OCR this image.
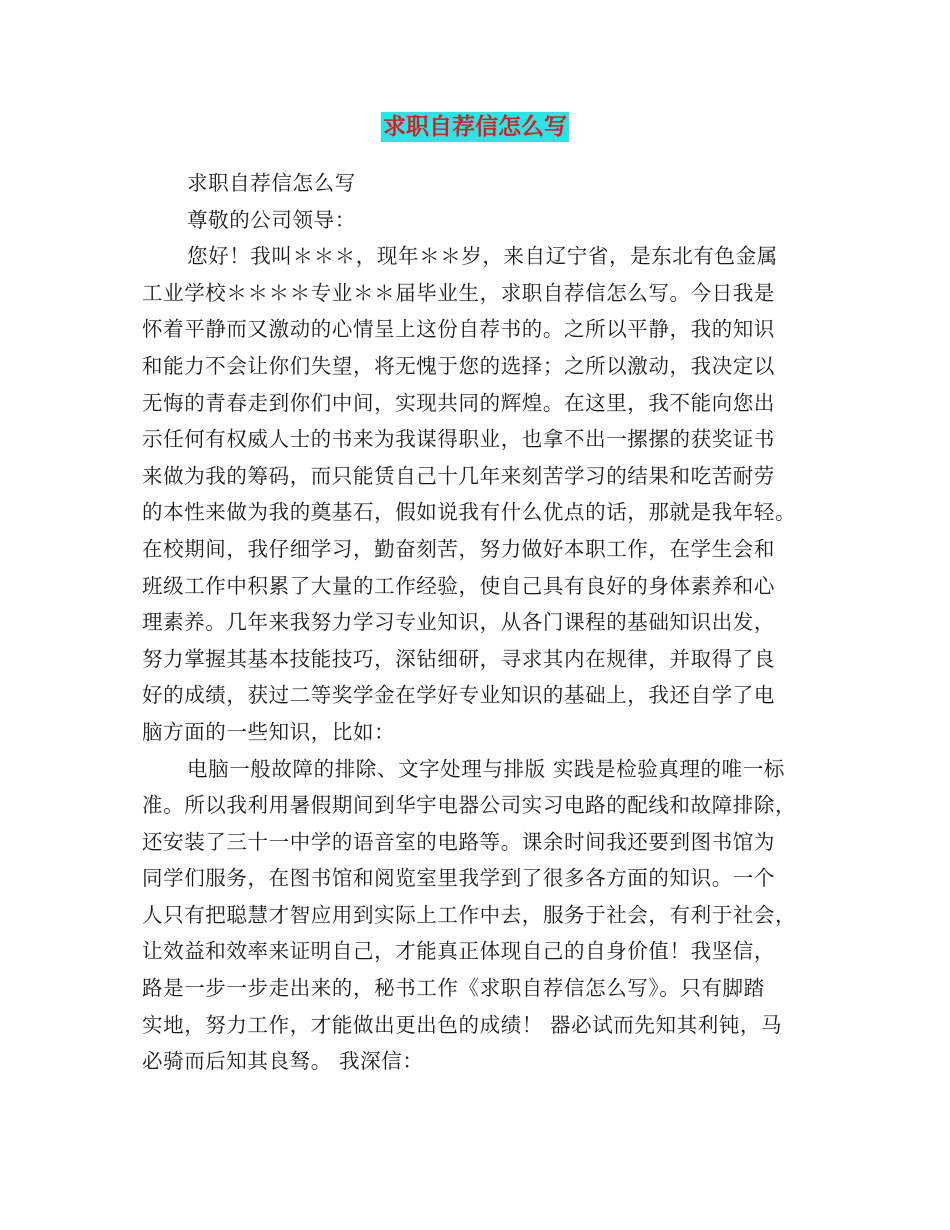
求职自荐信怎么写
求职自荐信怎么写
尊敬的公司领导：
您好！我叫＊＊＊，现年＊＊岁，来自辽宁省，是东北有色金属
工业学校＊＊＊＊专业＊＊届毕业生，求职自荐信怎么写。今日我是
怀着平静而又激动的心情呈上这份自荐书的。之所以平静，我的知识
和能力不会让你们失望，将无愧于您的选择；之所以激动，我决定以
无悔的青春走到你们中间，实现共同的辉煌。在这里，我不能向您出
示任何有权威人士的书来为我谋得职业，也拿不出一摞摞的获奖证书
来做为我的筹码，而只能赁自己十几年来刻苦学习的结果和吃苦耐劳
的本性来做为我的奠基石，假如说我有什么优点的话，那就是我年轻。
在校期间，我仔细学习，勤奋刻苦，努力做好本职工作，在学生会和
班级工作中积累了大量的工作经验，使自己具有良好的身体素养和心
理素养。几年来我努力学习专业知识，从各门课程的基础知识出发，
努力掌握其基本技能技巧，深钻细研，寻求其内在规律，并取得了良
好的成绩，获过二等奖学金在学好专业知识的基础上，我还自学了电
脑方面的一些知识，比如：
电脑一般故障的排除、文字处理与排版 实践是检验真理的唯一标
准。所以我利用暑假期间到华宇电器公司实习电路的配线和故障排除，
还安装了三十一中学的语音室的电路等。课余时间我还要到图书馆为
同学们服务，在图书馆和阅览室里我学到了很多各方面的知识。一个
人只有把聪慧才智应用到实际上工作中去，服务于社会，有利于社会，
让效益和效率来证明自己，才能真正体现自己的自身价值！我坚信，
路是一步一步走出来的，秘书工作《求职自荐信怎么写》。只有脚踏
实地，努力工作，才能做出更出色的成绩！ 器必试而先知其利钝，马
必骑而后知其良驽。 我深信：
